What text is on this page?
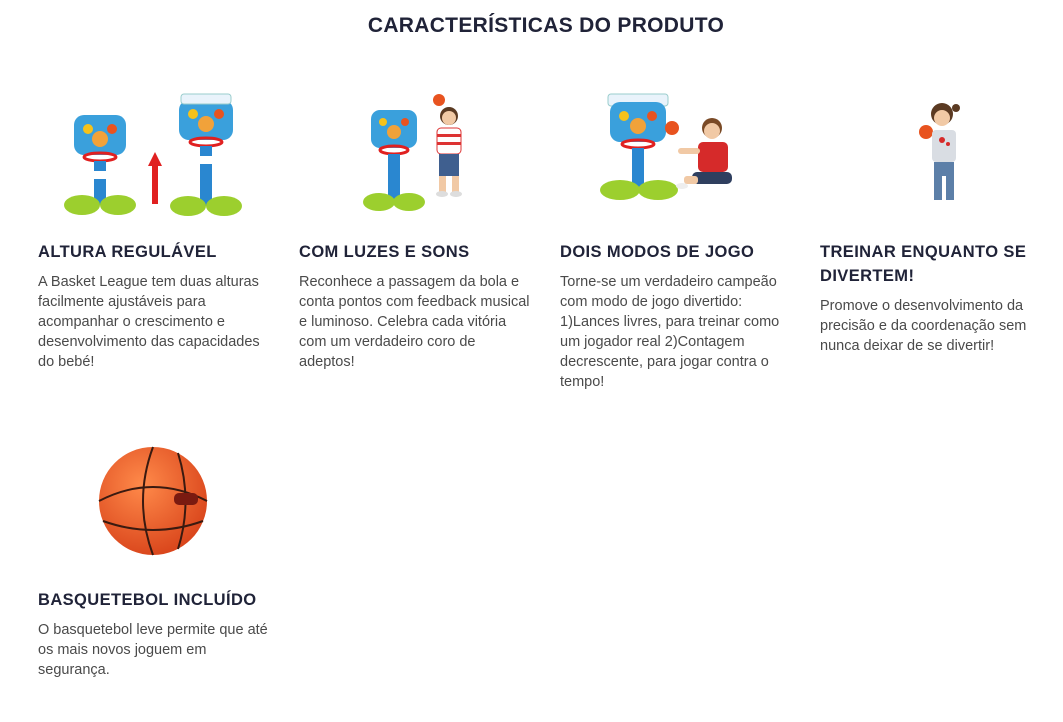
CARACTERÍSTICAS DO PRODUTO
ALTURA REGULÁVEL

A Basket League tem duas alturas facilmente ajustáveis para acompanhar o crescimento e desenvolvimento das capacidades do bebé!

COM LUZES E SONS

Reconhece a passagem da bola e conta pontos com feedback musical e luminoso. Celebra cada vitória com um verdadeiro coro de adeptos!

DOIS MODOS DE JOGO

Torne-se um verdadeiro campeão com modo de jogo divertido: 1)Lances livres, para treinar como um jogador real 2)Contagem decrescente, para jogar contra o tempo!

TREINAR ENQUANTO SE DIVERTEM!

Promove o desenvolvimento da precisão e da coordenação sem nunca deixar de se divertir!

BASQUETEBOL INCLUÍDO

O basquetebol leve permite que até os mais novos joguem em segurança.
